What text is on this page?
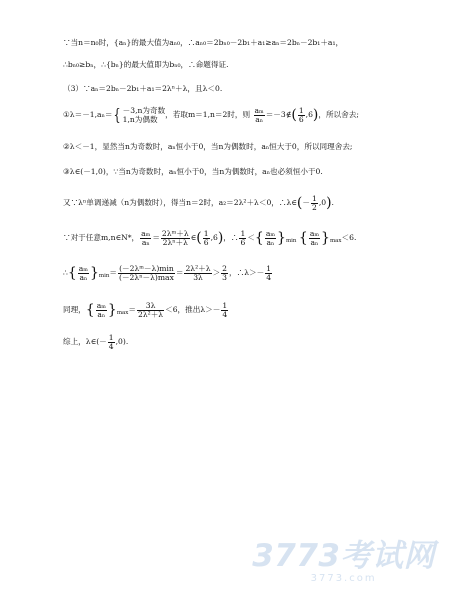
∵当n＝n₀时，{aₙ}的最大值为aₙ₀，∴aₙ₀＝2bₙ₀－2b₁＋a₁≥aₙ＝2bₙ－2b₁＋a₁，
∴bₙ₀≥bₙ，∴{bₙ}的最大值即为bₙ₀，∴命题得证.
（3）∵aₙ＝2bₙ－2b₁＋a₁＝2λⁿ＋λ，且λ＜0.
①λ＝－1,aₙ＝{ －3,n为奇数
1,n为偶数
，若取m＝1,n＝2时，则 $\frac{\text{aₘ}}{\text{aₙ}}$ ＝－3∉( $\frac{1}{6} ,6$)，所以舍去;
②λ＜－1，显然当n为奇数时，aₙ恒小于0，当n为偶数时，aₙ恒大于0，所以同理舍去;
③λ∈(－1,0)，∵当n为奇数时，aₙ恒小于0，当n为偶数时，aₙ也必须恒小于0.
又∵λⁿ单调递减（n为偶数时），得当n＝2时，a₂＝2λ²＋λ＜0，∴λ∈(－ $\frac{1}{2} ,0$).
∵对于任意m,n∈N*， $\frac{\text{aₘ}}{\text{aₙ}} = \frac{\text{2λᵐ＋λ}}{\text{2λⁿ＋λ}}$ ∈( $\frac{1}{6} ,6$)，∴ $\frac{1}{6}$ ＜{ $\frac{\text{aₘ}}{\text{aₙ}} \}_{min}$ { $\frac{\text{aₘ}}{\text{aₙ}} \}_{max}<6$.
∴{ $\frac{\text{aₘ}}{\text{aₙ}} \}_{min}= \frac{\text{(－2λᵐ－λ)min}}{\text{(－2λⁿ－λ)max}} = \frac{\text{2λ²＋λ}}{3\lambda} > \frac{2}{3}$ ，∴λ＞－ $\frac{1}{4}$
同理，{ $\frac{\text{aₘ}}{\text{aₙ}} \}_{max}= \frac{3\lambda}{\text{2λ²＋λ}} <6$，推出$\lambda>- \frac{1}{4}$
综上，λ∈(－ $\frac{1}{4} ,0$).
3773考试网
3773.com
